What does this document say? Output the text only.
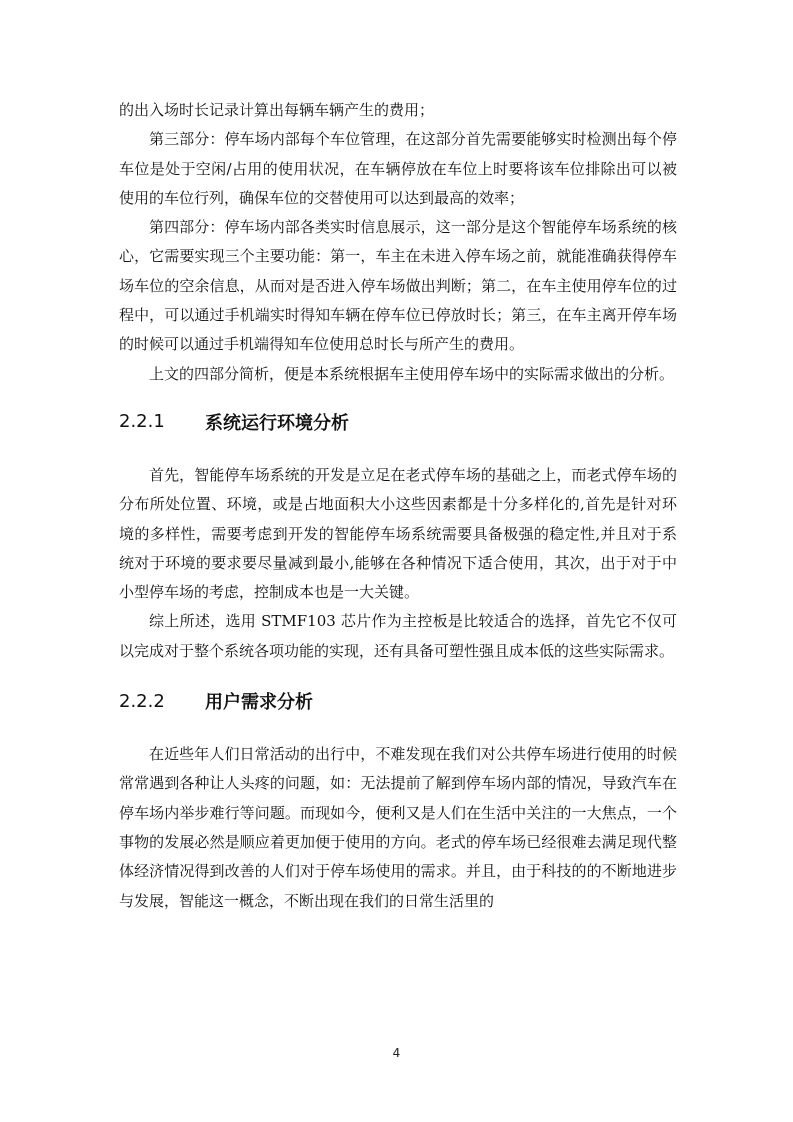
的出入场时长记录计算出每辆车辆产生的费用；

第三部分：停车场内部每个车位管理，在这部分首先需要能够实时检测出每个停车位是处于空闲/占用的使用状况，在车辆停放在车位上时要将该车位排除出可以被使用的车位行列，确保车位的交替使用可以达到最高的效率；

第四部分：停车场内部各类实时信息展示，这一部分是这个智能停车场系统的核心，它需要实现三个主要功能：第一，车主在未进入停车场之前，就能准确获得停车场车位的空余信息，从而对是否进入停车场做出判断；第二，在车主使用停车位的过程中，可以通过手机端实时得知车辆在停车位已停放时长；第三，在车主离开停车场的时候可以通过手机端得知车位使用总时长与所产生的费用。

上文的四部分简析，便是本系统根据车主使用停车场中的实际需求做出的分析。

2.2.1	系统运行环境分析

首先，智能停车场系统的开发是立足在老式停车场的基础之上，而老式停车场的分布所处位置、环境，或是占地面积大小这些因素都是十分多样化的,首先是针对环境的多样性，需要考虑到开发的智能停车场系统需要具备极强的稳定性,并且对于系统对于环境的要求要尽量减到最小,能够在各种情况下适合使用，其次，出于对于中小型停车场的考虑，控制成本也是一大关键。

综上所述，选用 STMF103 芯片作为主控板是比较适合的选择，首先它不仅可以完成对于整个系统各项功能的实现，还有具备可塑性强且成本低的这些实际需求。

2.2.2	用户需求分析

在近些年人们日常活动的出行中，不难发现在我们对公共停车场进行使用的时候常常遇到各种让人头疼的问题，如：无法提前了解到停车场内部的情况，导致汽车在停车场内举步难行等问题。而现如今，便利又是人们在生活中关注的一大焦点，一个事物的发展必然是顺应着更加便于使用的方向。老式的停车场已经很难去满足现代整体经济情况得到改善的人们对于停车场使用的需求。并且，由于科技的的不断地进步与发展，智能这一概念，不断出现在我们的日常生活里的

4
